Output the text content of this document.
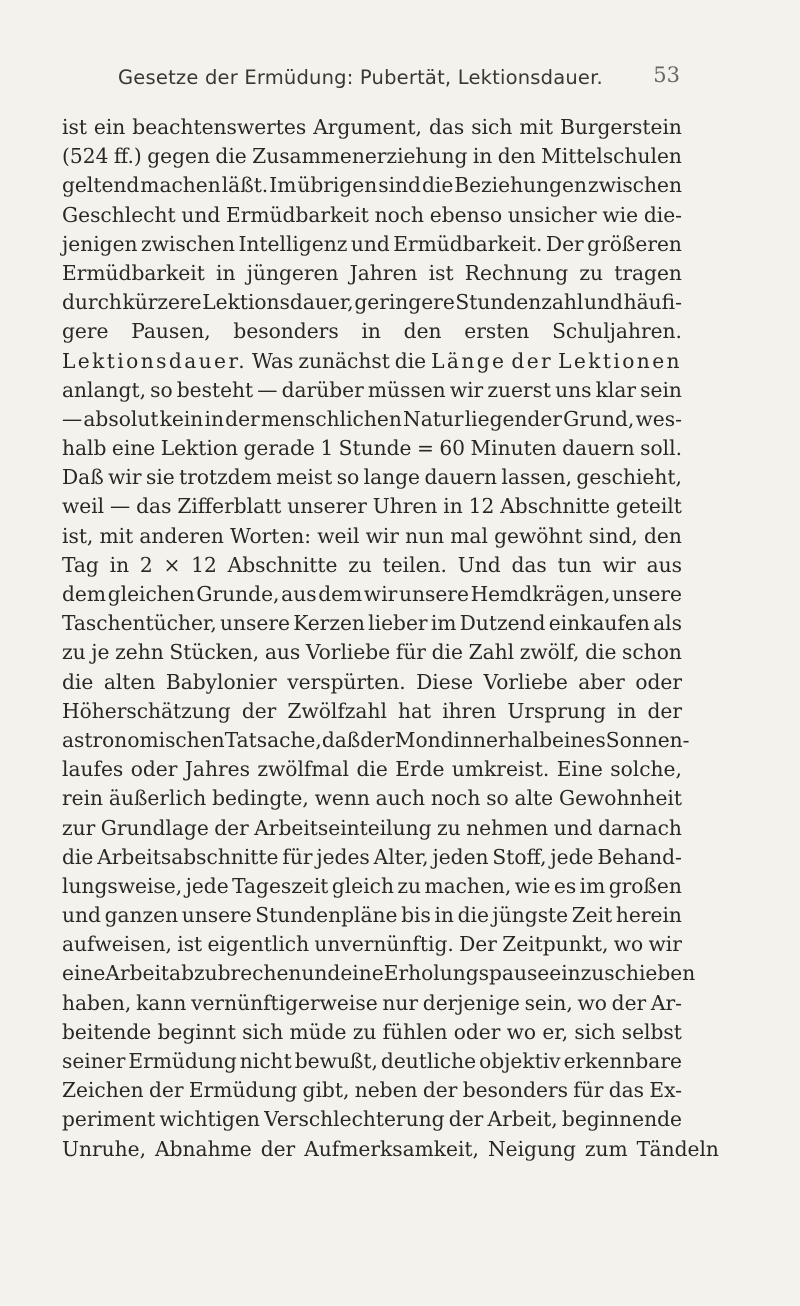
Gesetze der Ermüdung: Pubertät, Lektionsdauer.	53
ist ein beachtenswertes Argument, das sich mit Burgerstein
(524 ff.) gegen die Zusammenerziehung in den Mittelschulen
geltend machen läßt. Im übrigen sind die Beziehungen zwischen
Geschlecht und Ermüdbarkeit noch ebenso unsicher wie die-
jenigen zwischen Intelligenz und Ermüdbarkeit. Der größeren
Ermüdbarkeit in jüngeren Jahren ist Rechnung zu tragen
durch kürzere Lektionsdauer, geringere Stundenzahl und häufi-
gere Pausen, besonders in den ersten Schuljahren.
Lektionsdauer. Was zunächst die Länge der Lektionen
anlangt, so besteht — darüber müssen wir zuerst uns klar sein
— absolut kein in der menschlichen Natur liegender Grund, wes-
halb eine Lektion gerade 1 Stunde = 60 Minuten dauern soll.
Daß wir sie trotzdem meist so lange dauern lassen, geschieht,
weil — das Zifferblatt unserer Uhren in 12 Abschnitte geteilt
ist, mit anderen Worten: weil wir nun mal gewöhnt sind, den
Tag in 2 × 12 Abschnitte zu teilen. Und das tun wir aus
dem gleichen Grunde, aus dem wir unsere Hemdkrägen, unsere
Taschentücher, unsere Kerzen lieber im Dutzend einkaufen als
zu je zehn Stücken, aus Vorliebe für die Zahl zwölf, die schon
die alten Babylonier verspürten. Diese Vorliebe aber oder
Höherschätzung der Zwölfzahl hat ihren Ursprung in der
astronomischen Tatsache, daß der Mond innerhalb eines Sonnen-
laufes oder Jahres zwölfmal die Erde umkreist. Eine solche,
rein äußerlich bedingte, wenn auch noch so alte Gewohnheit
zur Grundlage der Arbeitseinteilung zu nehmen und darnach
die Arbeitsabschnitte für jedes Alter, jeden Stoff, jede Behand-
lungsweise, jede Tageszeit gleich zu machen, wie es im großen
und ganzen unsere Stundenpläne bis in die jüngste Zeit herein
aufweisen, ist eigentlich unvernünftig. Der Zeitpunkt, wo wir
eine Arbeit abzubrechen und eine Erholungspause einzuschieben
haben, kann vernünftigerweise nur derjenige sein, wo der Ar-
beitende beginnt sich müde zu fühlen oder wo er, sich selbst
seiner Ermüdung nicht bewußt, deutliche objektiv erkennbare
Zeichen der Ermüdung gibt, neben der besonders für das Ex-
periment wichtigen Verschlechterung der Arbeit, beginnende
Unruhe, Abnahme der Aufmerksamkeit, Neigung zum Tändeln
